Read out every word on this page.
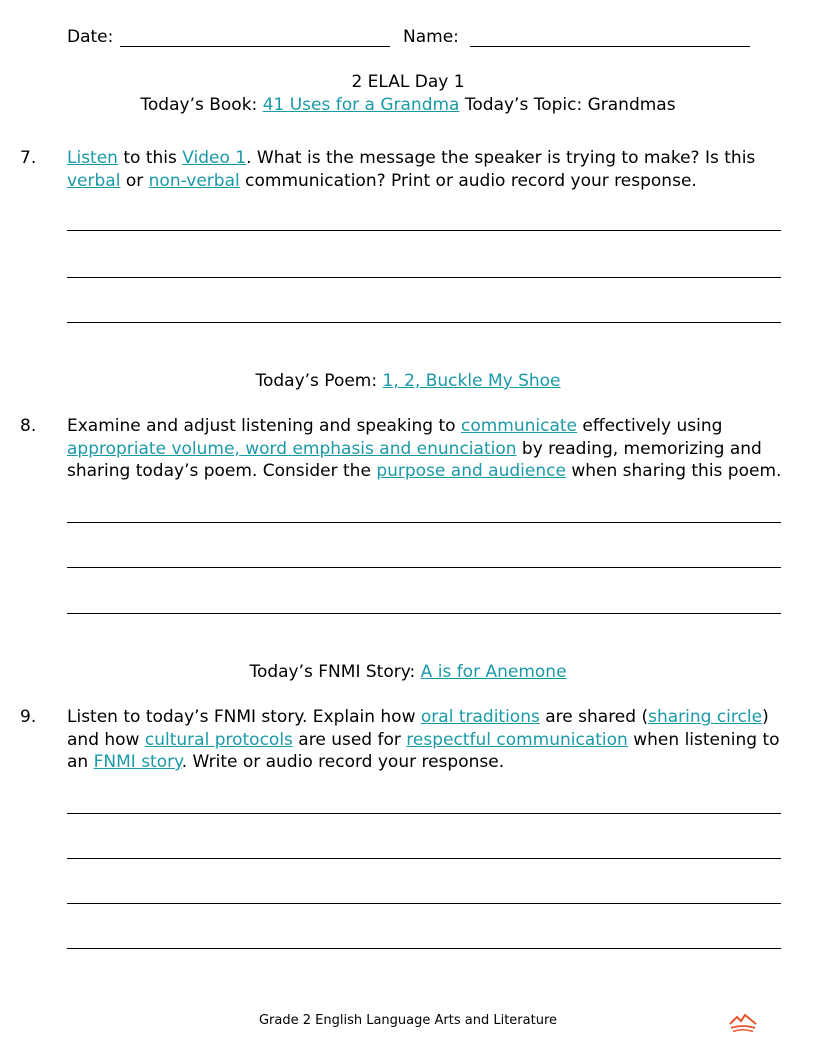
Date:	Name:
2 ELAL Day 1
Today’s Book: 41 Uses for a Grandma Today’s Topic: Grandmas
7. Listen to this Video 1. What is the message the speaker is trying to make? Is this verbal or non-verbal communication? Print or audio record your response.
Today’s Poem: 1, 2, Buckle My Shoe
8. Examine and adjust listening and speaking to communicate effectively using appropriate volume, word emphasis and enunciation by reading, memorizing and sharing today’s poem. Consider the purpose and audience when sharing this poem.
Today’s FNMI Story: A is for Anemone
9. Listen to today’s FNMI story. Explain how oral traditions are shared (sharing circle) and how cultural protocols are used for respectful communication when listening to an FNMI story. Write or audio record your response.
Grade 2 English Language Arts and Literature
